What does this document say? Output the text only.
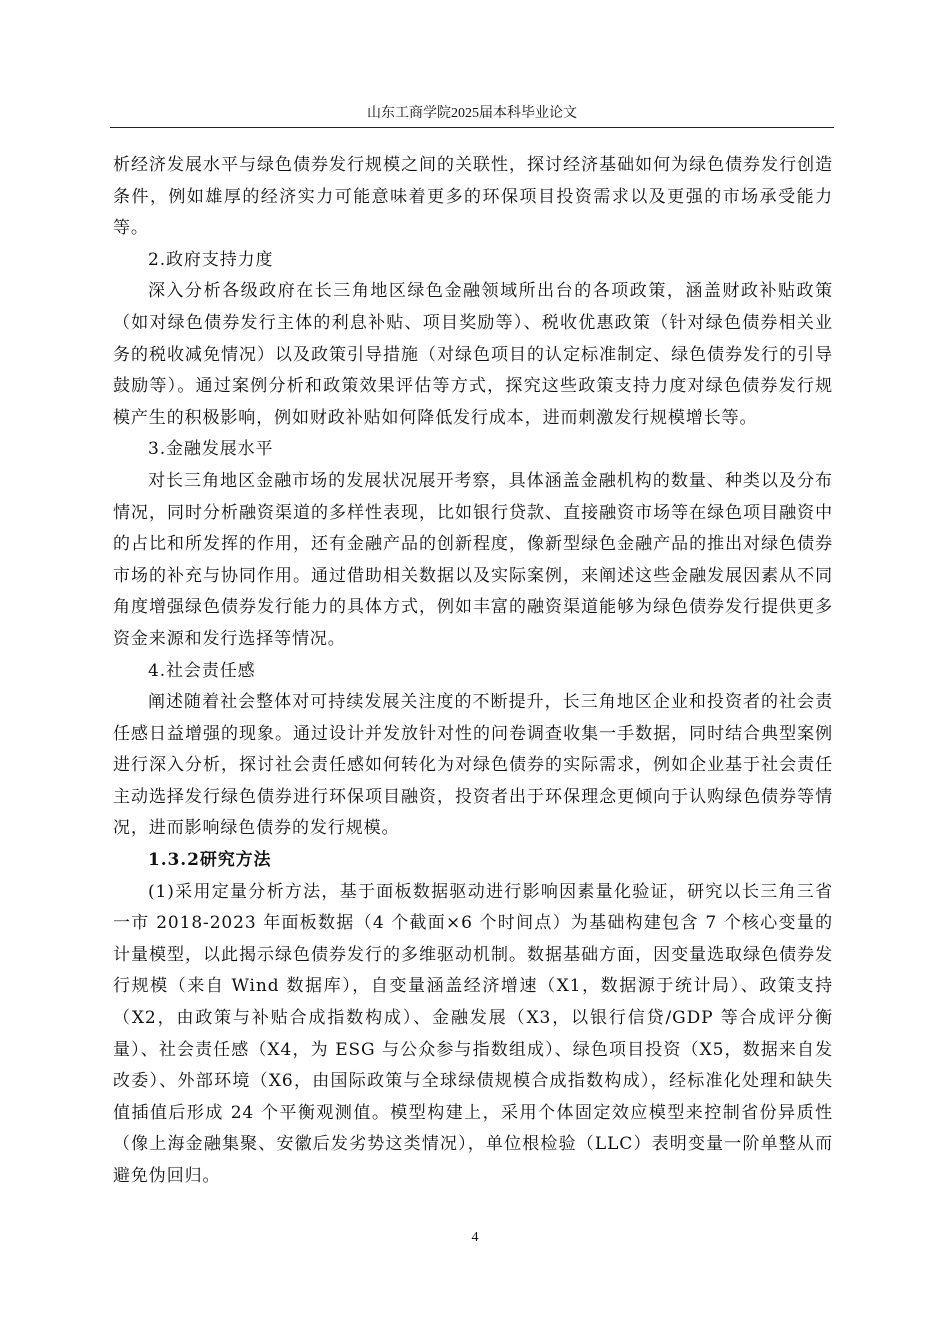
山东工商学院2025届本科毕业论文

析经济发展水平与绿色债券发行规模之间的关联性，探讨经济基础如何为绿色债券发行创造条件，例如雄厚的经济实力可能意味着更多的环保项目投资需求以及更强的市场承受能力等。

2.政府支持力度

深入分析各级政府在长三角地区绿色金融领域所出台的各项政策，涵盖财政补贴政策（如对绿色债券发行主体的利息补贴、项目奖励等）、税收优惠政策（针对绿色债券相关业务的税收减免情况）以及政策引导措施（对绿色项目的认定标准制定、绿色债券发行的引导鼓励等）。通过案例分析和政策效果评估等方式，探究这些政策支持力度对绿色债券发行规模产生的积极影响，例如财政补贴如何降低发行成本，进而刺激发行规模增长等。

3.金融发展水平

对长三角地区金融市场的发展状况展开考察，具体涵盖金融机构的数量、种类以及分布情况，同时分析融资渠道的多样性表现，比如银行贷款、直接融资市场等在绿色项目融资中的占比和所发挥的作用，还有金融产品的创新程度，像新型绿色金融产品的推出对绿色债券市场的补充与协同作用。通过借助相关数据以及实际案例，来阐述这些金融发展因素从不同角度增强绿色债券发行能力的具体方式，例如丰富的融资渠道能够为绿色债券发行提供更多资金来源和发行选择等情况。

4.社会责任感

阐述随着社会整体对可持续发展关注度的不断提升，长三角地区企业和投资者的社会责任感日益增强的现象。通过设计并发放针对性的问卷调查收集一手数据，同时结合典型案例进行深入分析，探讨社会责任感如何转化为对绿色债券的实际需求，例如企业基于社会责任主动选择发行绿色债券进行环保项目融资，投资者出于环保理念更倾向于认购绿色债券等情况，进而影响绿色债券的发行规模。

1.3.2研究方法

(1)采用定量分析方法，基于面板数据驱动进行影响因素量化验证，研究以长三角三省一市 2018-2023 年面板数据（4 个截面×6 个时间点）为基础构建包含 7 个核心变量的计量模型，以此揭示绿色债券发行的多维驱动机制。数据基础方面，因变量选取绿色债券发行规模（来自 Wind 数据库），自变量涵盖经济增速（X1，数据源于统计局）、政策支持（X2，由政策与补贴合成指数构成）、金融发展（X3，以银行信贷/GDP 等合成评分衡量）、社会责任感（X4，为 ESG 与公众参与指数组成）、绿色项目投资（X5，数据来自发改委）、外部环境（X6，由国际政策与全球绿债规模合成指数构成），经标准化处理和缺失值插值后形成 24 个平衡观测值。模型构建上，采用个体固定效应模型来控制省份异质性（像上海金融集聚、安徽后发劣势这类情况），单位根检验（LLC）表明变量一阶单整从而避免伪回归。

4
